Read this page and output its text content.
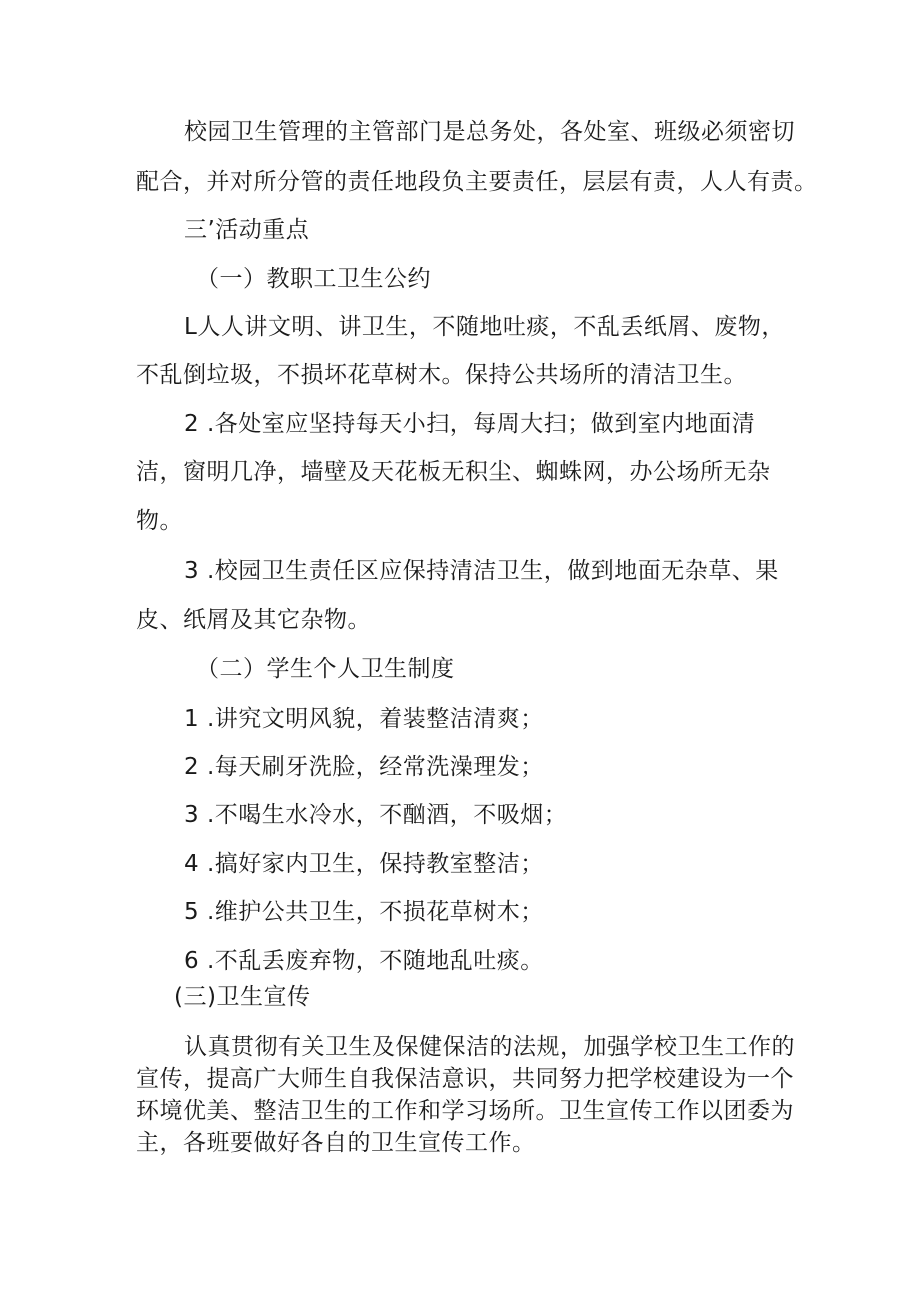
校园卫生管理的主管部门是总务处，各处室、班级必须密切
配合，并对所分管的责任地段负主要责任，层层有责，人人有责。
三’活动重点
（一）教职工卫生公约
L人人讲文明、讲卫生，不随地吐痰，不乱丢纸屑、废物，
不乱倒垃圾，不损坏花草树木。保持公共场所的清洁卫生。
2 .各处室应坚持每天小扫，每周大扫；做到室内地面清
洁，窗明几净，墙壁及天花板无积尘、蜘蛛网，办公场所无杂
物。
3 .校园卫生责任区应保持清洁卫生，做到地面无杂草、果
皮、纸屑及其它杂物。
（二）学生个人卫生制度
1 .讲究文明风貌，着装整洁清爽；
2 .每天刷牙洗脸，经常洗澡理发；
3 .不喝生水冷水，不酗酒，不吸烟；
4 .搞好家内卫生，保持教室整洁；
5 .维护公共卫生，不损花草树木；
6 .不乱丢废弃物，不随地乱吐痰。
(三)卫生宣传
认真贯彻有关卫生及保健保洁的法规，加强学校卫生工作的
宣传，提高广大师生自我保洁意识，共同努力把学校建设为一个
环境优美、整洁卫生的工作和学习场所。卫生宣传工作以团委为
主，各班要做好各自的卫生宣传工作。
